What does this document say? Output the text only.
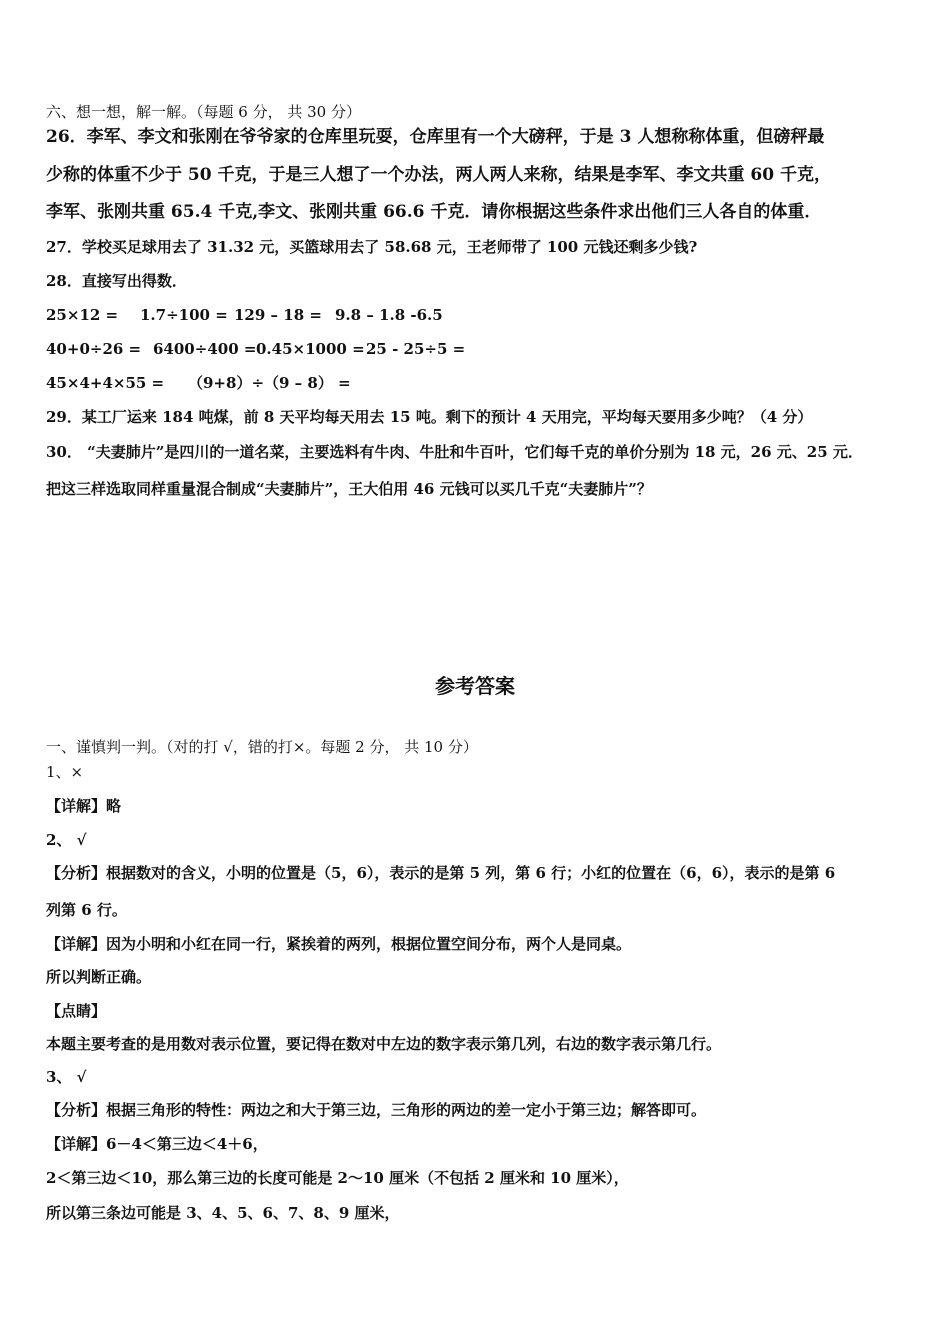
六、想一想，解一解。（每题 6 分， 共 30 分）
26．李军、李文和张刚在爷爷家的仓库里玩耍，仓库里有一个大磅秤，于是 3 人想称称体重，但磅秤最
少称的体重不少于 50 千克，于是三人想了一个办法，两人两人来称，结果是李军、李文共重 60 千克，
李军、张刚共重 65.4 千克,李文、张刚共重 66.6 千克．请你根据这些条件求出他们三人各自的体重．
27．学校买足球用去了 31.32 元，买篮球用去了 58.68 元，王老师带了 100 元钱还剩多少钱?
28．直接写出得数．
25×12 = 1.7÷100 = 129 – 18 = 9.8 – 1.8 -6.5
40+0÷26 = 6400÷400 = 0.45×1000 = 25 - 25÷5 =
45×4+4×55 = （9+8）÷（9 – 8） =
29．某工厂运来 184 吨煤，前 8 天平均每天用去 15 吨。剩下的预计 4 天用完，平均每天要用多少吨？（4 分）
30． “夫妻肺片”是四川的一道名菜，主要选料有牛肉、牛肚和牛百叶，它们每千克的单价分别为 18 元，26 元、25 元．
把这三样选取同样重量混合制成“夫妻肺片”，王大伯用 46 元钱可以买几千克“夫妻肺片”？
参考答案
一、谨慎判一判。（对的打 √，错的打×。每题 2 分， 共 10 分）
1、×
【详解】略
2、 √
【分析】根据数对的含义，小明的位置是（5，6），表示的是第 5 列，第 6 行；小红的位置在（6，6），表示的是第 6
列第 6 行。
【详解】因为小明和小红在同一行，紧挨着的两列，根据位置空间分布，两个人是同桌。
所以判断正确。
【点睛】
本题主要考查的是用数对表示位置，要记得在数对中左边的数字表示第几列，右边的数字表示第几行。
3、 √
【分析】根据三角形的特性：两边之和大于第三边，三角形的两边的差一定小于第三边；解答即可。
【详解】6－4＜第三边＜4＋6，
2＜第三边＜10，那么第三边的长度可能是 2～10 厘米（不包括 2 厘米和 10 厘米），
所以第三条边可能是 3、4、5、6、7、8、9 厘米，
